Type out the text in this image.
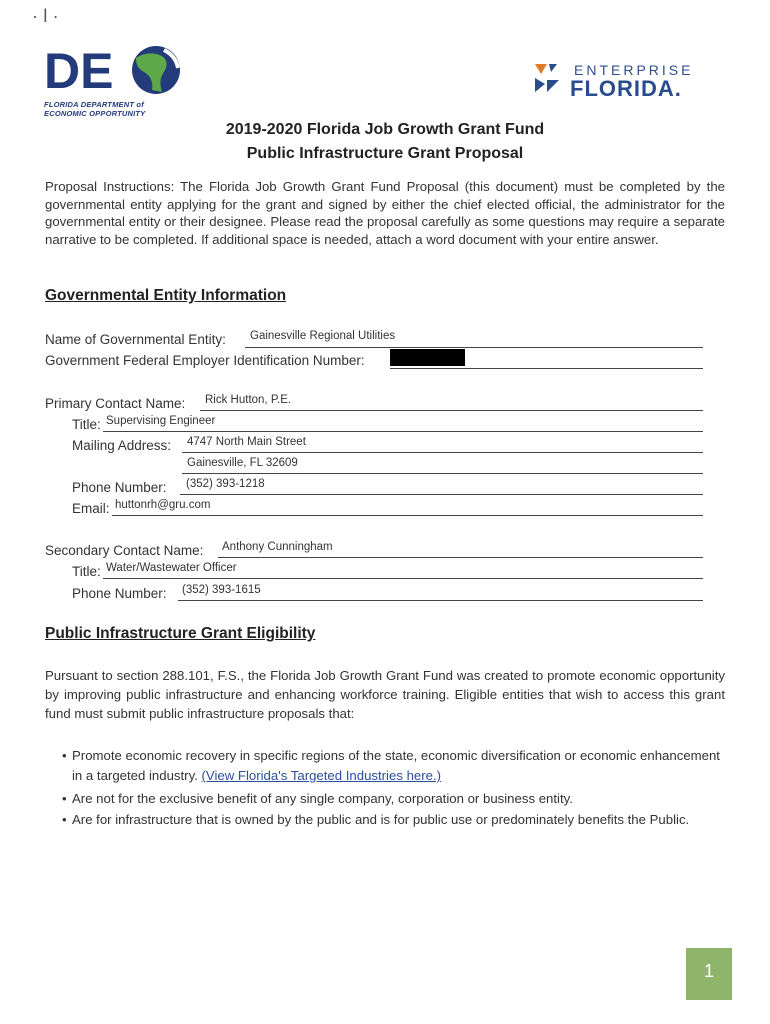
· ǀ ·
DE
FLORIDA DEPARTMENT of
ECONOMIC OPPORTUNITY
ENTERPRISE
FLORIDA.
2019-2020 Florida Job Growth Grant Fund
Public Infrastructure Grant Proposal
Proposal Instructions: The Florida Job Growth Grant Fund Proposal (this document) must be completed by the governmental entity applying for the grant and signed by either the chief elected official, the administrator for the governmental entity or their designee. Please read the proposal carefully as some questions may require a separate narrative to be completed. If additional space is needed, attach a word document with your entire answer.
Governmental Entity Information
Name of Governmental Entity: Gainesville Regional Utilities
Government Federal Employer Identification Number:
Primary Contact Name: Rick Hutton, P.E.
Title: Supervising Engineer
Mailing Address: 4747 North Main Street
Gainesville, FL 32609
Phone Number: (352) 393-1218
Email: huttonrh@gru.com
Secondary Contact Name: Anthony Cunningham
Title: Water/Wastewater Officer
Phone Number: (352) 393-1615
Public Infrastructure Grant Eligibility
Pursuant to section 288.101, F.S., the Florida Job Growth Grant Fund was created to promote economic opportunity by improving public infrastructure and enhancing workforce training. Eligible entities that wish to access this grant fund must submit public infrastructure proposals that:
• Promote economic recovery in specific regions of the state, economic diversification or economic enhancement in a targeted industry. (View Florida's Targeted Industries here.)
• Are not for the exclusive benefit of any single company, corporation or business entity.
• Are for infrastructure that is owned by the public and is for public use or predominately benefits the Public.
1
